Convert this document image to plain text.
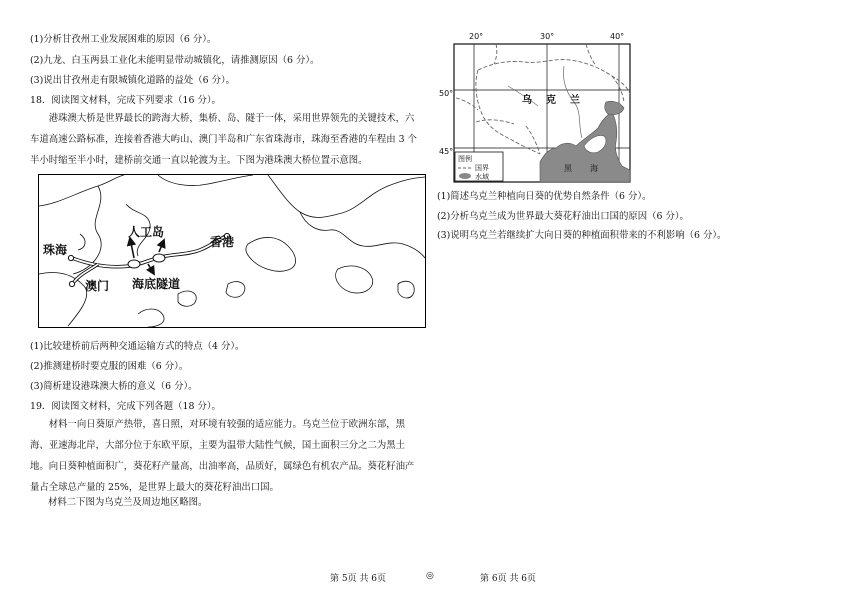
(1)分析甘孜州工业发展困难的原因（6 分）。
(2)九龙、白玉两县工业化未能明显带动城镇化，请推测原因（6 分）。
(3)说出甘孜州走有限城镇化道路的益处（6 分）。
18．阅读图文材料，完成下列要求（16 分）。
港珠澳大桥是世界最长的跨海大桥，集桥、岛、隧于一体，采用世界领先的关键技术，六车道高速公路标准，连接着香港大屿山、澳门半岛和广东省珠海市，珠海至香港的车程由 3 个半小时缩至半小时，建桥前交通一直以轮渡为主。下图为港珠澳大桥位置示意图。
珠海
澳门
人工岛
香港
海底隧道
(1)比较建桥前后两种交通运输方式的特点（4 分）。
(2)推测建桥时要克服的困难（6 分）。
(3)简析建设港珠澳大桥的意义（6 分）。
19．阅读图文材料，完成下列各题（18 分）。
材料一向日葵原产热带，喜日照，对环境有较强的适应能力。乌克兰位于欧洲东部，黑海、亚速海北岸，大部分位于东欧平原，主要为温带大陆性气候，国土面积三分之二为黑土地。向日葵种植面积广，葵花籽产量高，出油率高，品质好，属绿色有机农产品。葵花籽油产量占全球总产量的 25%，是世界上最大的葵花籽油出口国。
材料二下图为乌克兰及周边地区略图。
20°	30°	40°
50°
45°
乌 克 兰
黑 海
图例
国界
水域
(1)简述乌克兰种植向日葵的优势自然条件（6 分）。
(2)分析乌克兰成为世界最大葵花籽油出口国的原因（6 分）。
(3)说明乌克兰若继续扩大向日葵的种植面积带来的不利影响（6 分）。
第 5页 共 6页	◎	第 6页 共 6页
